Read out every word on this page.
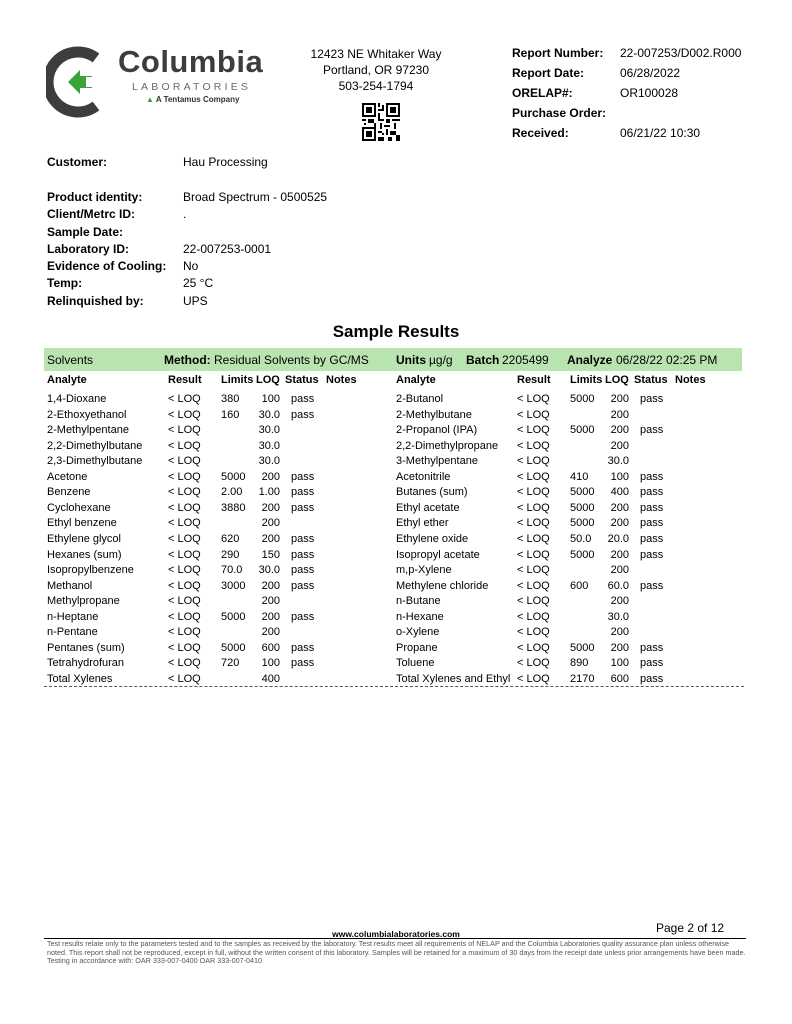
Columbia
LABORATORIES
▲ A Tentamus Company
12423 NE Whitaker Way
Portland, OR 97230
503-254-1794
Report Number: 22-007253/D002.R000
Report Date:	06/28/2022
ORELAP#:	OR100028
Purchase Order:
Received:	06/21/22 10:30
Customer:	Hau Processing
Product identity:	Broad Spectrum - 0500525
Client/Metrc ID:	.
Sample Date:
Laboratory ID:	22-007253-0001
Evidence of Cooling: No
Temp:	25 °C
Relinquished by:	UPS
Sample Results
Solvents	Method: Residual Solvents by GC/MS Units µg/g Batch 2205499 Analyze 06/28/22 02:25 PM
Analyte	Result Limits LOQ Status Notes	Analyte	Result Limits LOQ Status Notes
1,4-Dioxane	< LOQ 380	100 pass
2-Ethoxyethanol	< LOQ 160	30.0 pass
2-Methylpentane	< LOQ	30.0
2,2-Dimethylbutane < LOQ	30.0
2,3-Dimethylbutane < LOQ	30.0
Acetone	< LOQ 5000	200 pass
Benzene	< LOQ 2.00	1.00 pass
Cyclohexane	< LOQ 3880	200 pass
Ethyl benzene	< LOQ	200
Ethylene glycol	< LOQ 620	200 pass
Hexanes (sum)	< LOQ 290	150 pass
Isopropylbenzene	< LOQ 70.0	30.0 pass
Methanol	< LOQ 3000	200 pass
Methylpropane	< LOQ	200
n-Heptane	< LOQ 5000	200 pass
n-Pentane	< LOQ	200
Pentanes (sum)	< LOQ 5000	600 pass
Tetrahydrofuran	< LOQ 720	100 pass
Total Xylenes	< LOQ	400
2-Butanol	< LOQ 5000	200 pass
2-Methylbutane	< LOQ	200
2-Propanol (IPA)	< LOQ 5000	200 pass
2,2-Dimethylpropane < LOQ	200
3-Methylpentane	< LOQ	30.0
Acetonitrile	< LOQ 410	100 pass
Butanes (sum)	< LOQ 5000	400 pass
Ethyl acetate	< LOQ 5000	200 pass
Ethyl ether	< LOQ 5000	200 pass
Ethylene oxide	< LOQ 50.0	20.0 pass
Isopropyl acetate	< LOQ 5000	200 pass
m,p-Xylene	< LOQ	200
Methylene chloride	< LOQ 600	60.0 pass
n-Butane	< LOQ	200
n-Hexane	< LOQ	30.0
o-Xylene	< LOQ	200
Propane	< LOQ 5000	200 pass
Toluene	< LOQ 890	100 pass
Total Xylenes and Ethyl < LOQ 2170	600 pass
Page 2 of 12
www.columbialaboratories.com
Test results relate only to the parameters tested and to the samples as received by the laboratory. Test results meet all requirements of NELAP and the Columbia Laboratories quality assurance plan unless otherwise noted. This report shall not be reproduced, except in full, without the written consent of this laboratory. Samples will be retained for a maximum of 30 days from the receipt date unless prior arrangements have been made.
Testing in accordance with: OAR 333-007-0400 OAR 333-007-0410
